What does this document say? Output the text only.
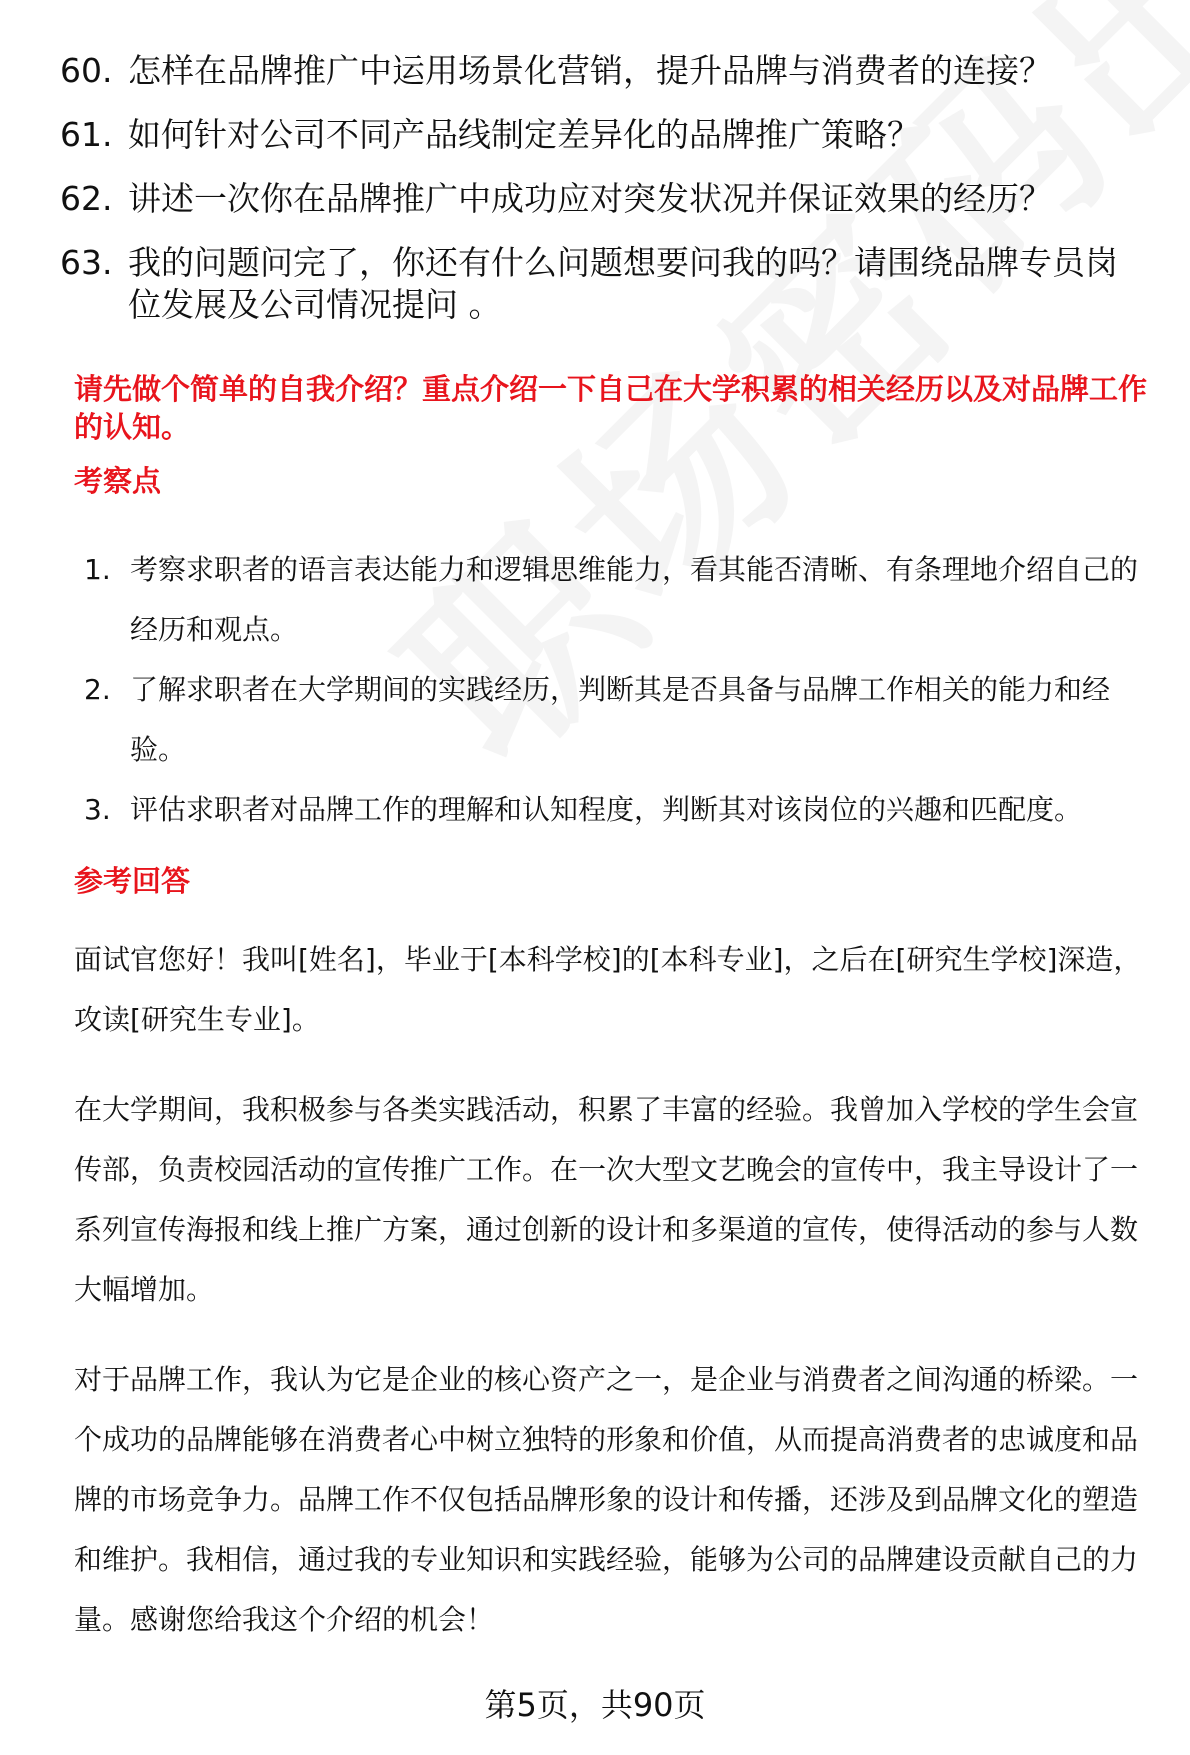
60. 怎样在品牌推广中运用场景化营销，提升品牌与消费者的连接？
61. 如何针对公司不同产品线制定差异化的品牌推广策略？
62. 讲述一次你在品牌推广中成功应对突发状况并保证效果的经历？
63. 我的问题问完了，你还有什么问题想要问我的吗？请围绕品牌专员岗位发展及公司情况提问 。
请先做个简单的自我介绍？重点介绍一下自己在大学积累的相关经历以及对品牌工作的认知。
考察点
1. 考察求职者的语言表达能力和逻辑思维能力，看其能否清晰、有条理地介绍自己的经历和观点。
2. 了解求职者在大学期间的实践经历，判断其是否具备与品牌工作相关的能力和经验。
3. 评估求职者对品牌工作的理解和认知程度，判断其对该岗位的兴趣和匹配度。
参考回答

面试官您好！我叫[姓名]，毕业于[本科学校]的[本科专业]，之后在[研究生学校]深造，攻读[研究生专业]。

在大学期间，我积极参与各类实践活动，积累了丰富的经验。我曾加入学校的学生会宣传部，负责校园活动的宣传推广工作。在一次大型文艺晚会的宣传中，我主导设计了一系列宣传海报和线上推广方案，通过创新的设计和多渠道的宣传，使得活动的参与人数大幅增加。

对于品牌工作，我认为它是企业的核心资产之一，是企业与消费者之间沟通的桥梁。一个成功的品牌能够在消费者心中树立独特的形象和价值，从而提高消费者的忠诚度和品牌的市场竞争力。品牌工作不仅包括品牌形象的设计和传播，还涉及到品牌文化的塑造和维护。我相信，通过我的专业知识和实践经验，能够为公司的品牌建设贡献自己的力量。感谢您给我这个介绍的机会！

第5页，共90页
